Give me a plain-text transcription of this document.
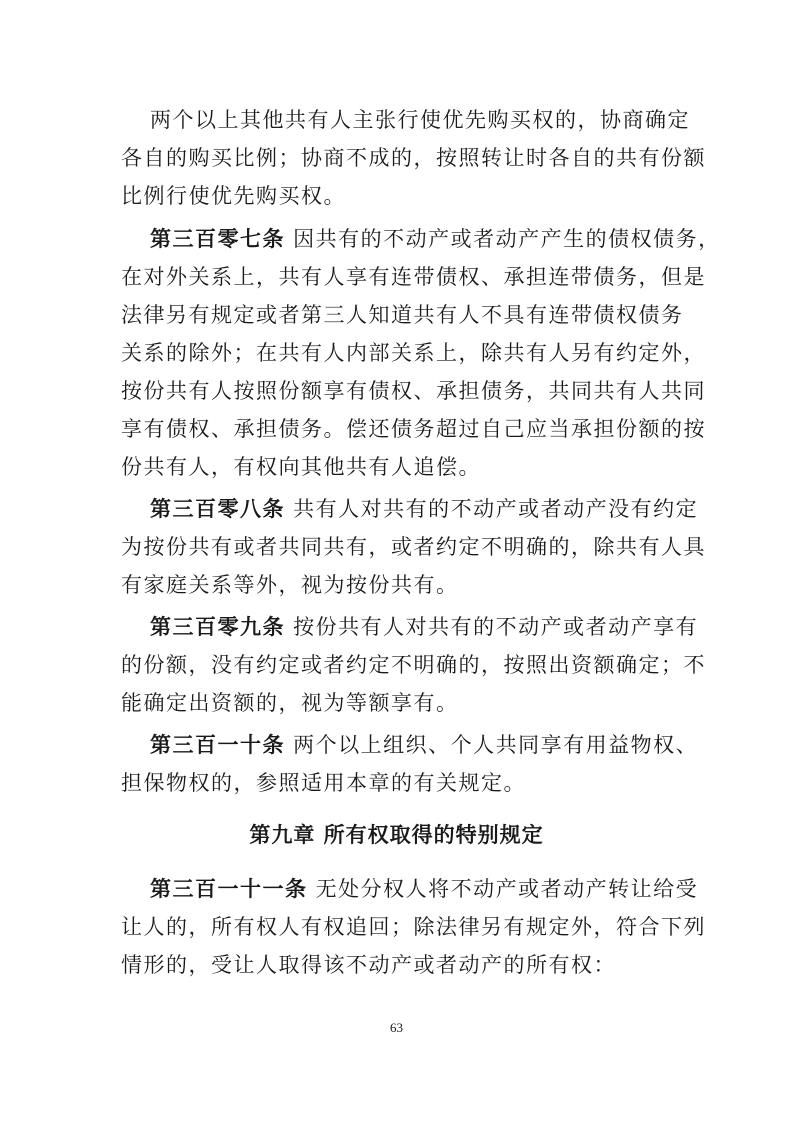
两个以上其他共有人主张行使优先购买权的，协商确定
各自的购买比例；协商不成的，按照转让时各自的共有份额
比例行使优先购买权。
第三百零七条 因共有的不动产或者动产产生的债权债务，
在对外关系上，共有人享有连带债权、承担连带债务，但是
法律另有规定或者第三人知道共有人不具有连带债权债务
关系的除外；在共有人内部关系上，除共有人另有约定外，
按份共有人按照份额享有债权、承担债务，共同共有人共同
享有债权、承担债务。偿还债务超过自己应当承担份额的按
份共有人，有权向其他共有人追偿。
第三百零八条 共有人对共有的不动产或者动产没有约定
为按份共有或者共同共有，或者约定不明确的，除共有人具
有家庭关系等外，视为按份共有。
第三百零九条 按份共有人对共有的不动产或者动产享有
的份额，没有约定或者约定不明确的，按照出资额确定；不
能确定出资额的，视为等额享有。
第三百一十条 两个以上组织、个人共同享有用益物权、
担保物权的，参照适用本章的有关规定。
第九章 所有权取得的特别规定
第三百一十一条 无处分权人将不动产或者动产转让给受
让人的，所有权人有权追回；除法律另有规定外，符合下列
情形的，受让人取得该不动产或者动产的所有权：
63
